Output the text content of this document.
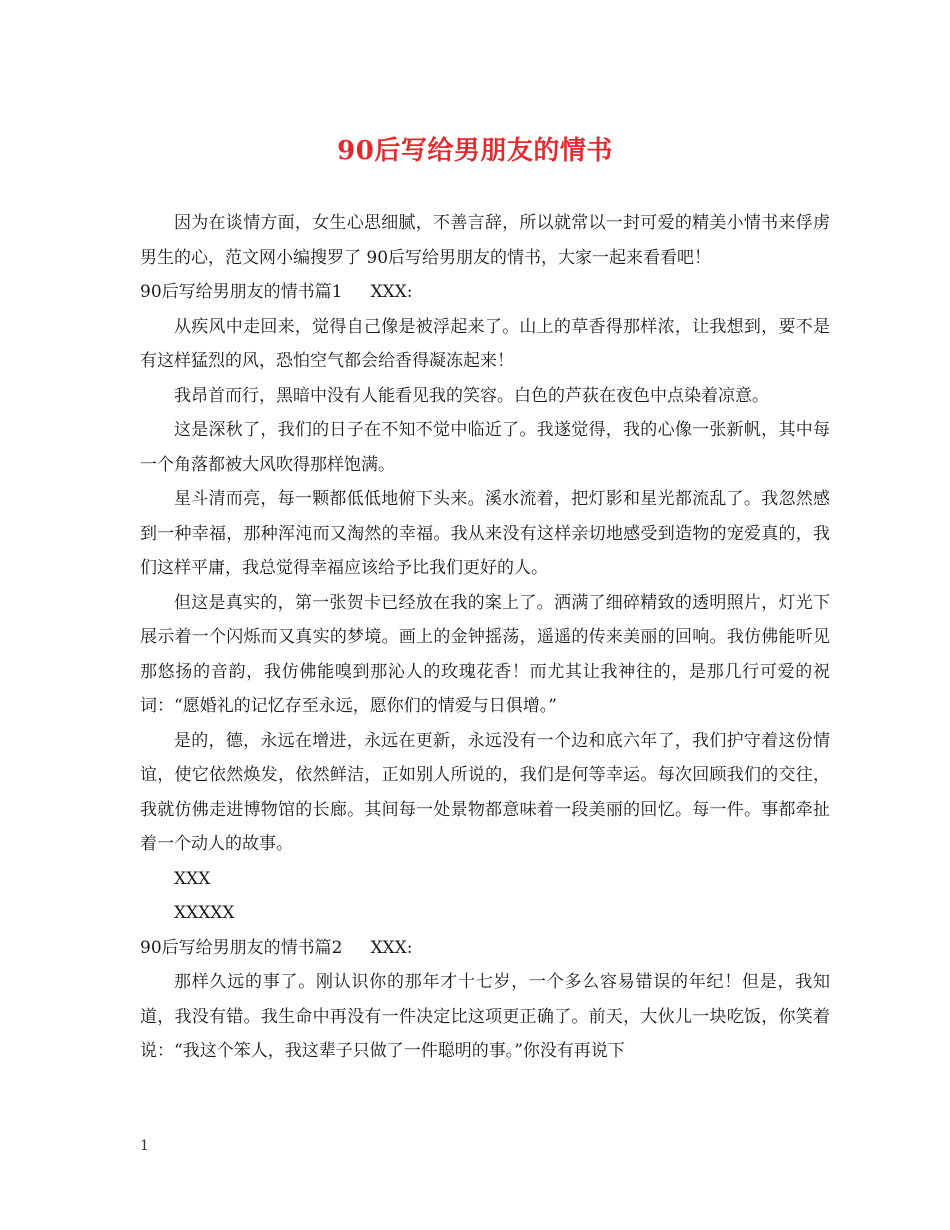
90后写给男朋友的情书

因为在谈情方面，女生心思细腻，不善言辞，所以就常以一封可爱的精美小情书来俘虏男生的心，范文网小编搜罗了 90后写给男朋友的情书，大家一起来看看吧！

90后写给男朋友的情书篇1 XXX:

从疾风中走回来，觉得自己像是被浮起来了。山上的草香得那样浓，让我想到，要不是有这样猛烈的风，恐怕空气都会给香得凝冻起来！

我昂首而行，黑暗中没有人能看见我的笑容。白色的芦荻在夜色中点染着凉意。

这是深秋了，我们的日子在不知不觉中临近了。我遂觉得，我的心像一张新帆，其中每一个角落都被大风吹得那样饱满。

星斗清而亮，每一颗都低低地俯下头来。溪水流着，把灯影和星光都流乱了。我忽然感到一种幸福，那种浑沌而又淘然的幸福。我从来没有这样亲切地感受到造物的宠爱真的，我们这样平庸，我总觉得幸福应该给予比我们更好的人。

但这是真实的，第一张贺卡已经放在我的案上了。洒满了细碎精致的透明照片，灯光下展示着一个闪烁而又真实的梦境。画上的金钟摇荡，遥遥的传来美丽的回响。我仿佛能听见那悠扬的音韵，我仿佛能嗅到那沁人的玫瑰花香！而尤其让我神往的，是那几行可爱的祝词：“愿婚礼的记忆存至永远，愿你们的情爱与日俱增。”

是的，德，永远在增进，永远在更新，永远没有一个边和底六年了，我们护守着这份情谊，使它依然焕发，依然鲜洁，正如别人所说的，我们是何等幸运。每次回顾我们的交往，我就仿佛走进博物馆的长廊。其间每一处景物都意味着一段美丽的回忆。每一件。事都牵扯着一个动人的故事。

XXX

XXXXX

90后写给男朋友的情书篇2 XXX:

那样久远的事了。刚认识你的那年才十七岁，一个多么容易错误的年纪！但是，我知道，我没有错。我生命中再没有一件决定比这项更正确了。前天，大伙儿一块吃饭，你笑着说：“我这个笨人，我这辈子只做了一件聪明的事。”你没有再说下

1
